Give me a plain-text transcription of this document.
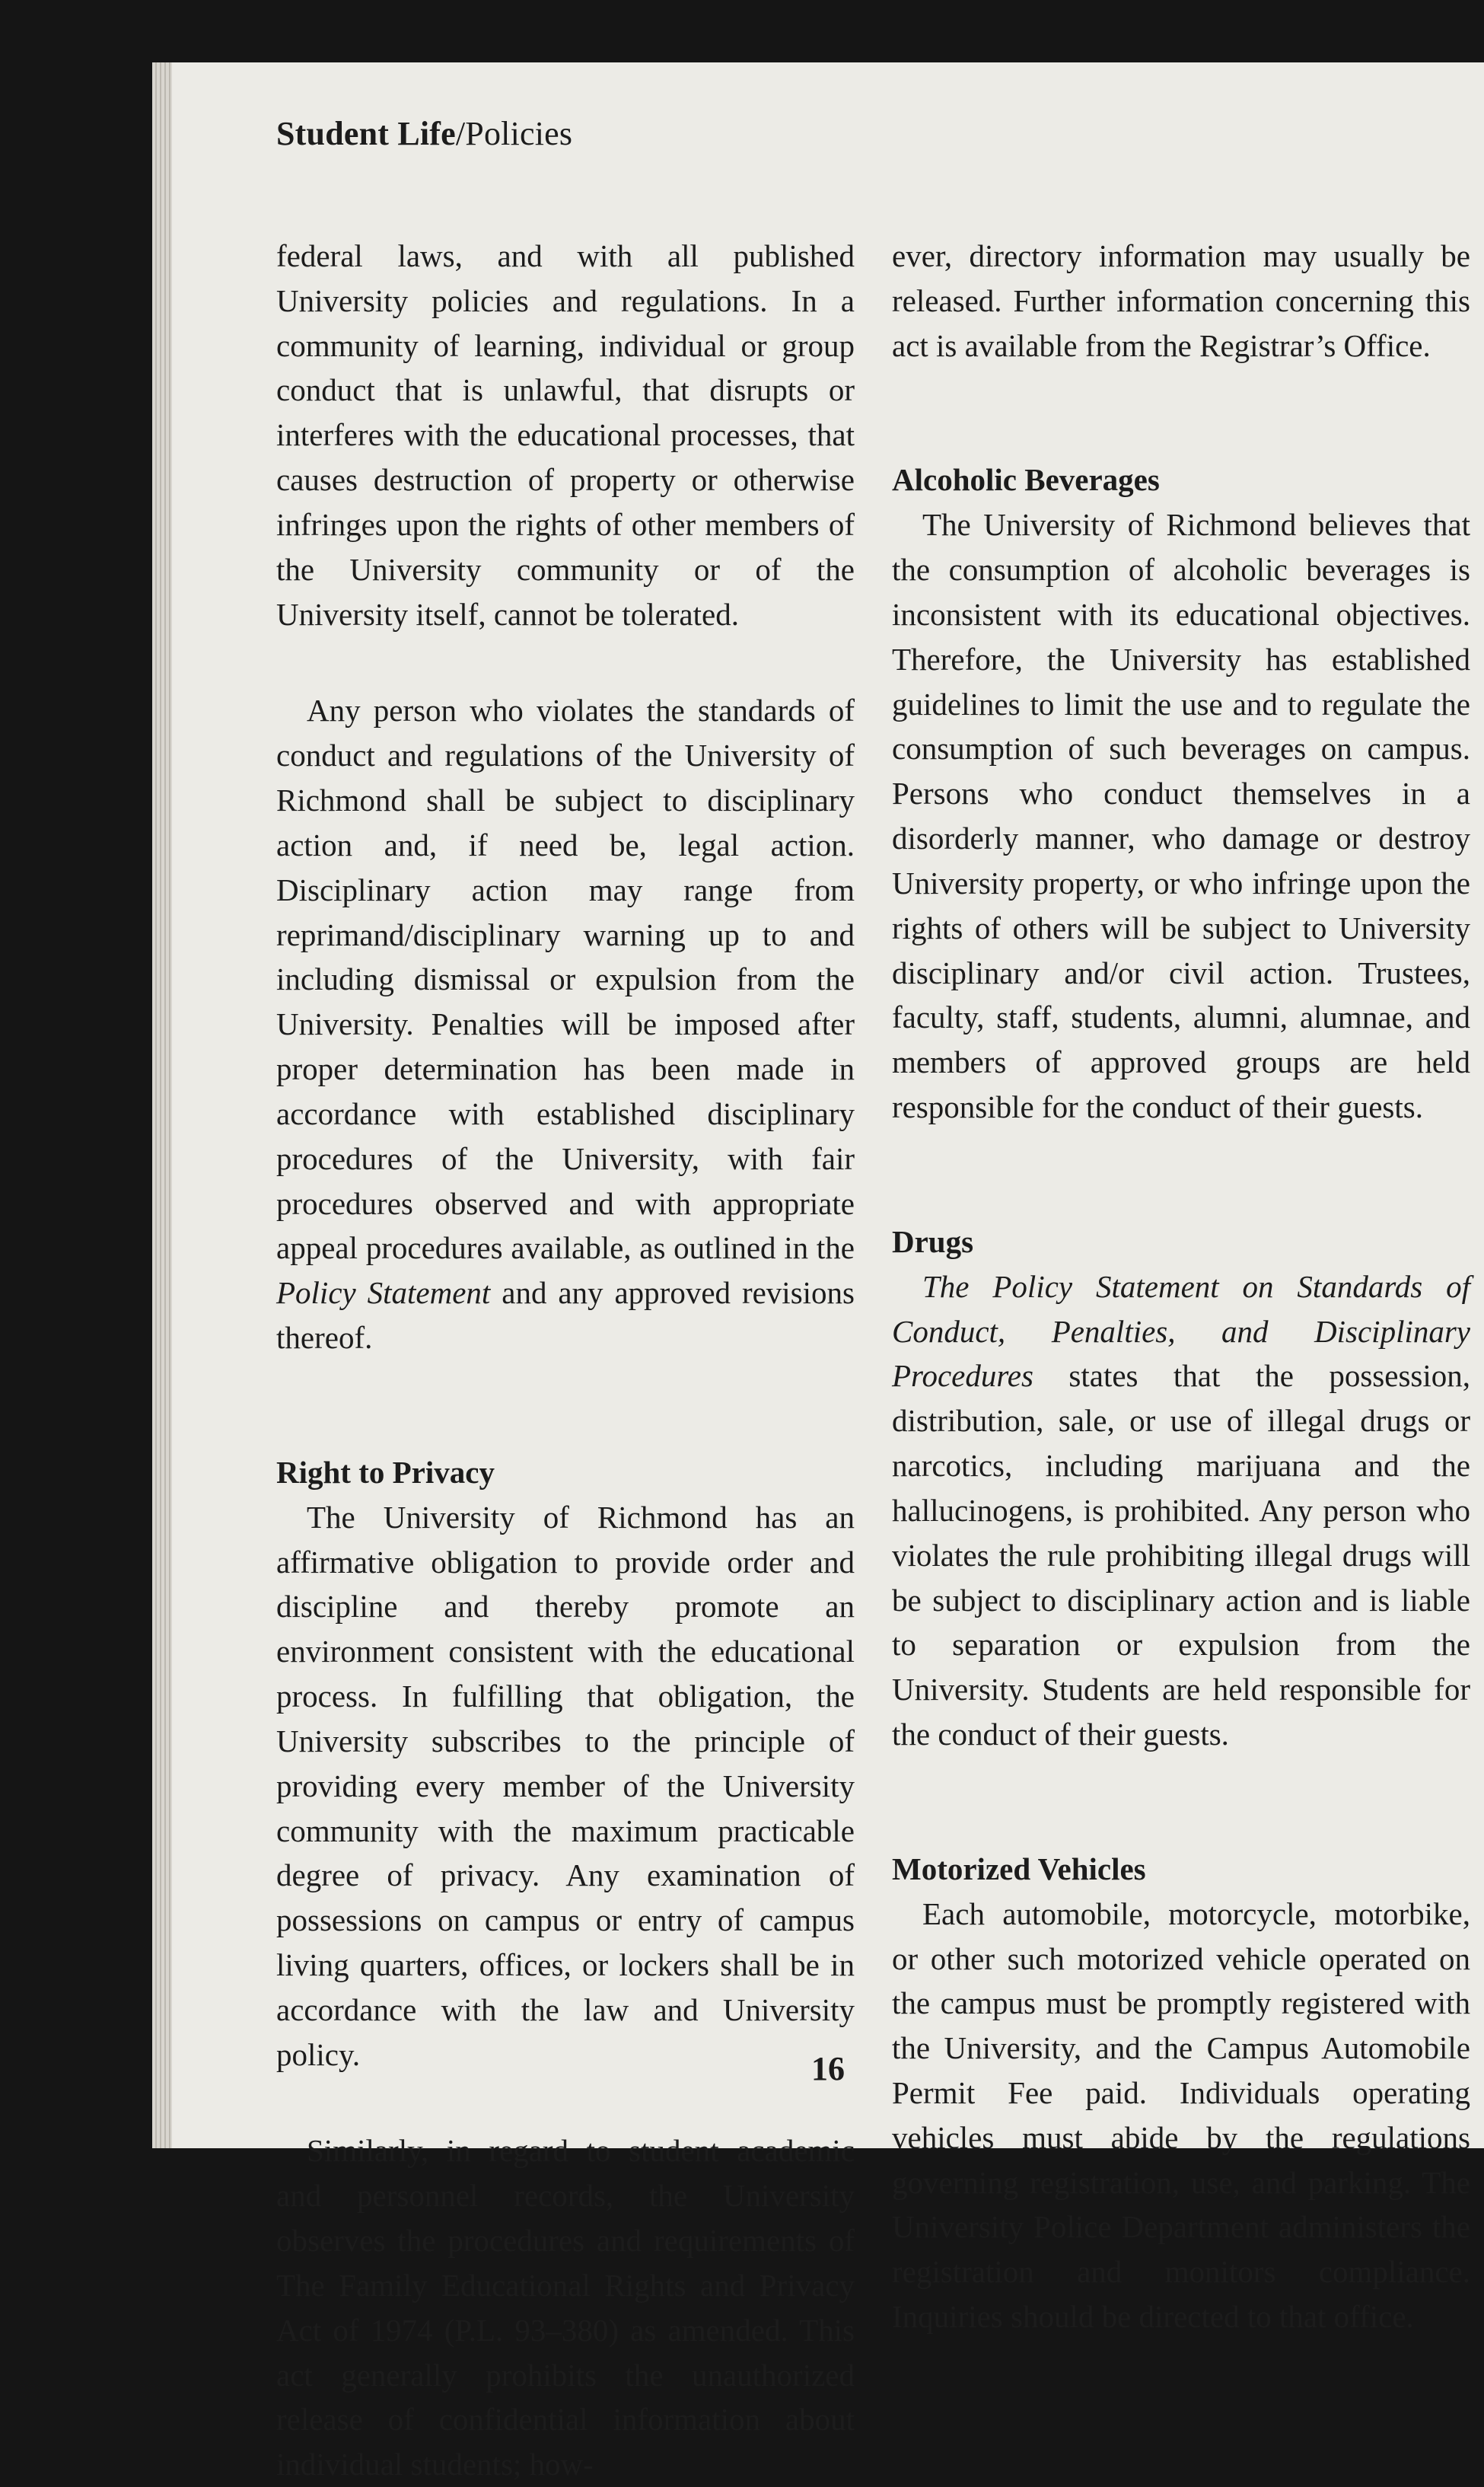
Student Life/Policies

federal laws, and with all published University policies and regulations. In a community of learning, individual or group conduct that is unlawful, that disrupts or interferes with the educational processes, that causes destruction of property or otherwise infringes upon the rights of other members of the University community or of the University itself, cannot be tolerated.

Any person who violates the standards of conduct and regulations of the University of Richmond shall be subject to disciplinary action and, if need be, legal action. Disciplinary action may range from reprimand/disciplinary warning up to and including dismissal or expulsion from the University. Penalties will be imposed after proper determination has been made in accordance with established disciplinary procedures of the University, with fair procedures observed and with appropriate appeal procedures available, as outlined in the Policy Statement and any approved revisions thereof.

Right to Privacy

The University of Richmond has an affirmative obligation to provide order and discipline and thereby promote an environment consistent with the educational process. In fulfilling that obligation, the University subscribes to the principle of providing every member of the University community with the maximum practicable degree of privacy. Any examination of possessions on campus or entry of campus living quarters, offices, or lockers shall be in accordance with the law and University policy.

Similarly, in regard to student academic and personnel records, the University observes the procedures and requirements of The Family Educational Rights and Privacy Act of 1974 (P.L. 93–380) as amended. This act generally prohibits the unauthorized release of confidential information about individual students; how-

ever, directory information may usually be released. Further information concerning this act is available from the Registrar’s Office.

Alcoholic Beverages

The University of Richmond believes that the consumption of alcoholic beverages is inconsistent with its educational objectives. Therefore, the University has established guidelines to limit the use and to regulate the consumption of such beverages on campus. Persons who conduct themselves in a disorderly manner, who damage or destroy University property, or who infringe upon the rights of others will be subject to University disciplinary and/or civil action. Trustees, faculty, staff, students, alumni, alumnae, and members of approved groups are held responsible for the conduct of their guests.

Drugs

The Policy Statement on Standards of Conduct, Penalties, and Disciplinary Procedures states that the possession, distribution, sale, or use of illegal drugs or narcotics, including marijuana and the hallucinogens, is prohibited. Any person who violates the rule prohibiting illegal drugs will be subject to disciplinary action and is liable to separation or expulsion from the University. Students are held responsible for the conduct of their guests.

Motorized Vehicles

Each automobile, motorcycle, motorbike, or other such motorized vehicle operated on the campus must be promptly registered with the University, and the Campus Automobile Permit Fee paid. Individuals operating vehicles must abide by the regulations governing registration, use, and parking. The University Police Department administers the registration and monitors compliance. Inquiries should be directed to that office.

16
